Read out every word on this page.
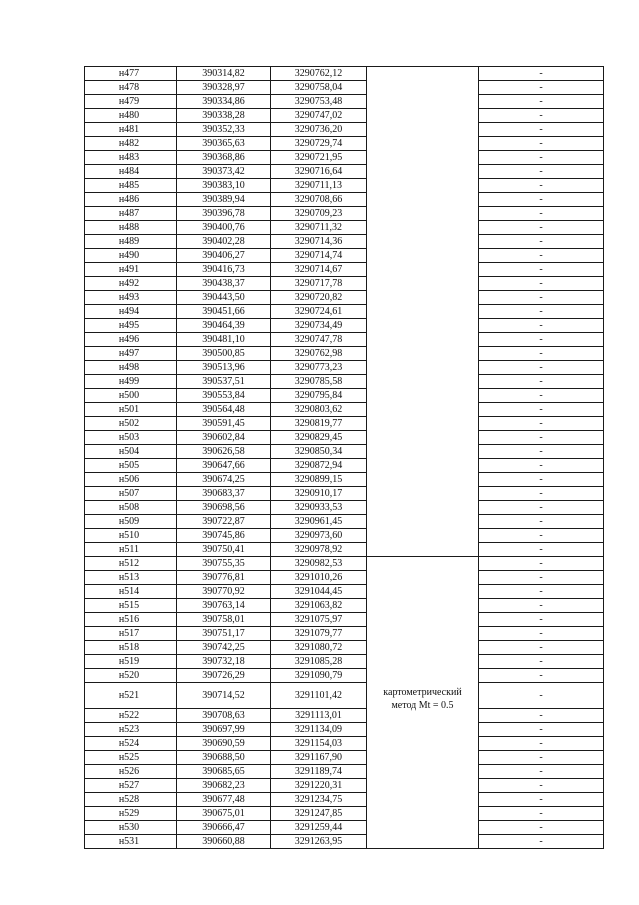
н477	390314,82	3290762,12		-
н478	390328,97	3290758,04		-
н479	390334,86	3290753,48		-
н480	390338,28	3290747,02		-
н481	390352,33	3290736,20		-
н482	390365,63	3290729,74		-
н483	390368,86	3290721,95		-
н484	390373,42	3290716,64		-
н485	390383,10	3290711,13		-
н486	390389,94	3290708,66		-
н487	390396,78	3290709,23		-
н488	390400,76	3290711,32		-
н489	390402,28	3290714,36		-
н490	390406,27	3290714,74		-
н491	390416,73	3290714,67		-
н492	390438,37	3290717,78		-
н493	390443,50	3290720,82		-
н494	390451,66	3290724,61		-
н495	390464,39	3290734,49		-
н496	390481,10	3290747,78		-
н497	390500,85	3290762,98		-
н498	390513,96	3290773,23		-
н499	390537,51	3290785,58		-
н500	390553,84	3290795,84		-
н501	390564,48	3290803,62		-
н502	390591,45	3290819,77		-
н503	390602,84	3290829,45		-
н504	390626,58	3290850,34		-
н505	390647,66	3290872,94		-
н506	390674,25	3290899,15		-
н507	390683,37	3290910,17		-
н508	390698,56	3290933,53		-
н509	390722,87	3290961,45		-
н510	390745,86	3290973,60		-
н511	390750,41	3290978,92		-
н512	390755,35	3290982,53		-
н513	390776,81	3291010,26		-
н514	390770,92	3291044,45		-
н515	390763,14	3291063,82		-
н516	390758,01	3291075,97		-
н517	390751,17	3291079,77		-
н518	390742,25	3291080,72		-
н519	390732,18	3291085,28		-
н520	390726,29	3291090,79		-
н521	390714,52	3291101,42	картометрический
метод Mt = 0.5	-
н522	390708,63	3291113,01		-
н523	390697,99	3291134,09		-
н524	390690,59	3291154,03		-
н525	390688,50	3291167,90		-
н526	390685,65	3291189,74		-
н527	390682,23	3291220,31		-
н528	390677,48	3291234,75		-
н529	390675,01	3291247,85		-
н530	390666,47	3291259,44		-
н531	390660,88	3291263,95		-
